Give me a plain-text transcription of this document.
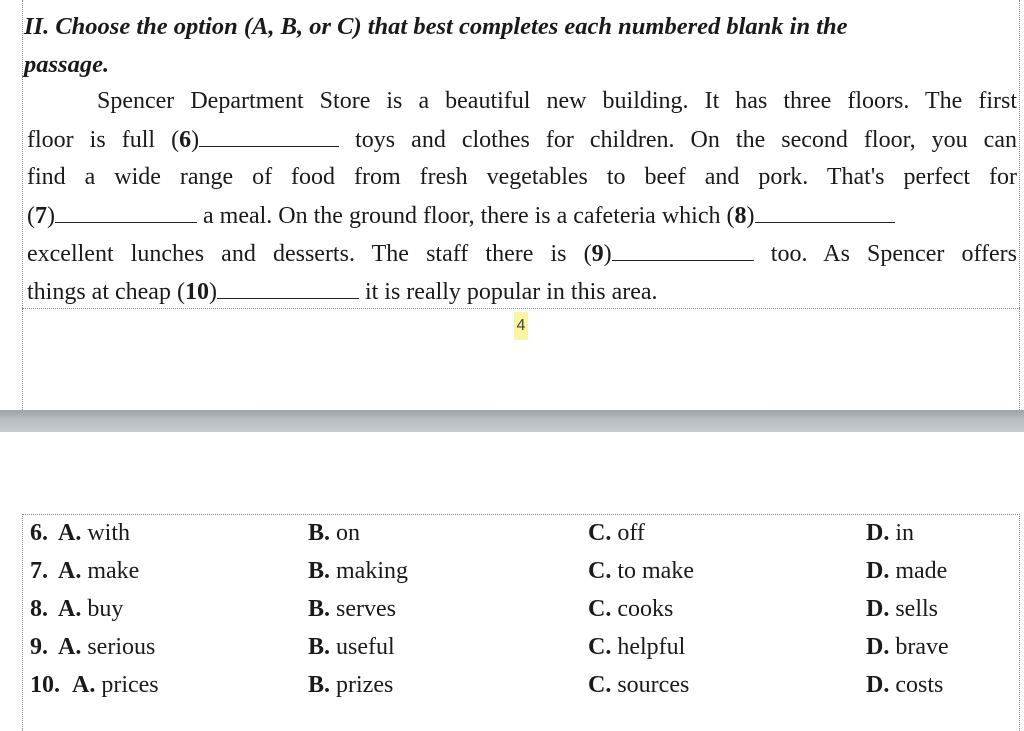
II. Choose the option (A, B, or C) that best completes each numbered blank in the
passage.
Spencer Department Store is a beautiful new building. It has three floors. The first
floor is full (6)	toys and clothes for children. On the second floor, you can
find a wide range of food from fresh vegetables to beef and pork. That's perfect for
(7)	a meal. On the ground floor, there is a cafeteria which (8)
excellent lunches and desserts. The staff there is (9)	too. As Spencer offers
things at cheap (10)	it is really popular in this area.
4
6. A. with	B. on	C. off	D. in
7. A. make	B. making	C. to make	D. made
8. A. buy	B. serves	C. cooks	D. sells
9. A. serious	B. useful	C. helpful	D. brave
10. A. prices	B. prizes	C. sources	D. costs
